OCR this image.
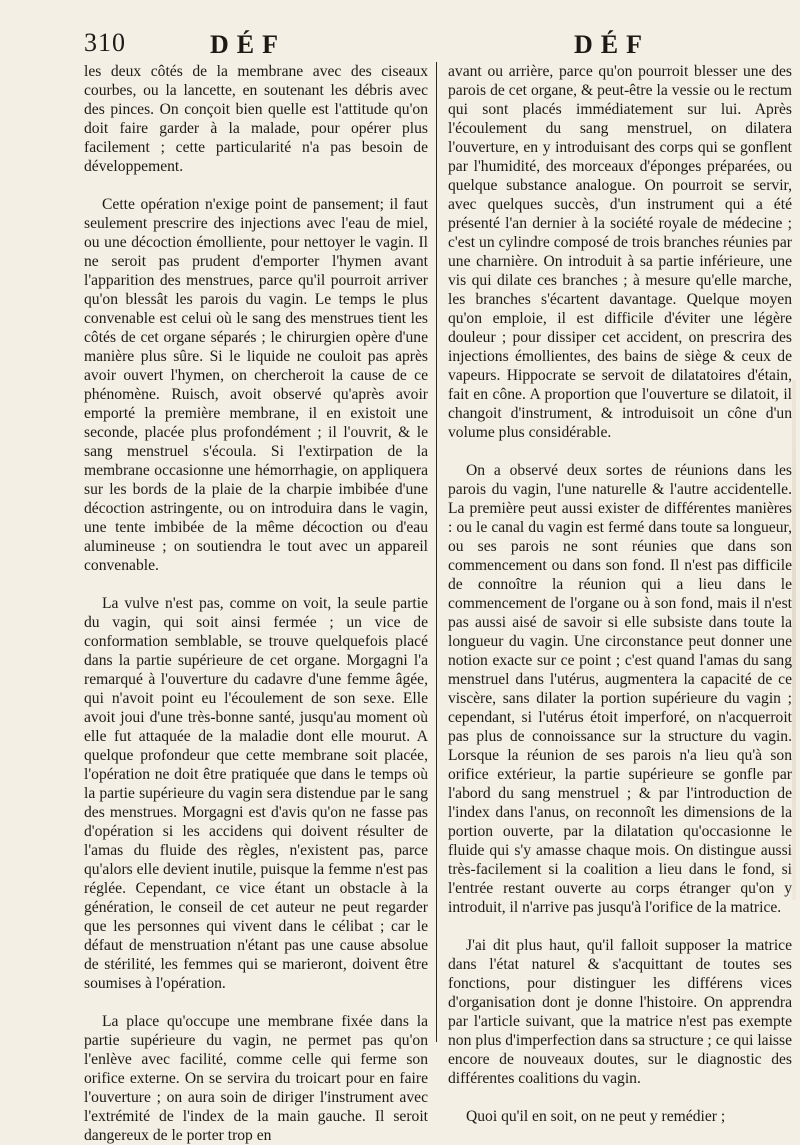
310	DÉF	DÉF

les deux côtés de la membrane avec des ciseaux courbes, ou la lancette, en soutenant les débris avec des pinces. On conçoit bien quelle est l'attitude qu'on doit faire garder à la malade, pour opérer plus facilement ; cette particularité n'a pas besoin de développement.

Cette opération n'exige point de pansement; il faut seulement prescrire des injections avec l'eau de miel, ou une décoction émolliente, pour nettoyer le vagin. Il ne seroit pas prudent d'emporter l'hymen avant l'apparition des menstrues, parce qu'il pourroit arriver qu'on blessât les parois du vagin. Le temps le plus convenable est celui où le sang des menstrues tient les côtés de cet organe séparés ; le chirurgien opère d'une manière plus sûre. Si le liquide ne couloit pas après avoir ouvert l'hymen, on chercheroit la cause de ce phénomène. Ruisch, avoit observé qu'après avoir emporté la première membrane, il en existoit une seconde, placée plus profondément ; il l'ouvrit, & le sang menstruel s'écoula. Si l'extirpation de la membrane occasionne une hémorrhagie, on appliquera sur les bords de la plaie de la charpie imbibée d'une décoction astringente, ou on introduira dans le vagin, une tente imbibée de la même décoction ou d'eau alumineuse ; on soutiendra le tout avec un appareil convenable.

La vulve n'est pas, comme on voit, la seule partie du vagin, qui soit ainsi fermée ; un vice de conformation semblable, se trouve quelquefois placé dans la partie supérieure de cet organe. Morgagni l'a remarqué à l'ouverture du cadavre d'une femme âgée, qui n'avoit point eu l'écoulement de son sexe. Elle avoit joui d'une très-bonne santé, jusqu'au moment où elle fut attaquée de la maladie dont elle mourut. A quelque profondeur que cette membrane soit placée, l'opération ne doit être pratiquée que dans le temps où la partie supérieure du vagin sera distendue par le sang des menstrues. Morgagni est d'avis qu'on ne fasse pas d'opération si les accidens qui doivent résulter de l'amas du fluide des règles, n'existent pas, parce qu'alors elle devient inutile, puisque la femme n'est pas réglée. Cependant, ce vice étant un obstacle à la génération, le conseil de cet auteur ne peut regarder que les personnes qui vivent dans le célibat ; car le défaut de menstruation n'étant pas une cause absolue de stérilité, les femmes qui se marieront, doivent être soumises à l'opération.

La place qu'occupe une membrane fixée dans la partie supérieure du vagin, ne permet pas qu'on l'enlève avec facilité, comme celle qui ferme son orifice externe. On se servira du troicart pour en faire l'ouverture ; on aura soin de diriger l'instrument avec l'extrémité de l'index de la main gauche. Il seroit dangereux de le porter trop en

avant ou arrière, parce qu'on pourroit blesser une des parois de cet organe, & peut-être la vessie ou le rectum qui sont placés immédiatement sur lui. Après l'écoulement du sang menstruel, on dilatera l'ouverture, en y introduisant des corps qui se gonflent par l'humidité, des morceaux d'éponges préparées, ou quelque substance analogue. On pourroit se servir, avec quelques succès, d'un instrument qui a été présenté l'an dernier à la société royale de médecine ; c'est un cylindre composé de trois branches réunies par une charnière. On introduit à sa partie inférieure, une vis qui dilate ces branches ; à mesure qu'elle marche, les branches s'écartent davantage. Quelque moyen qu'on emploie, il est difficile d'éviter une légère douleur ; pour dissiper cet accident, on prescrira des injections émollientes, des bains de siège & ceux de vapeurs. Hippocrate se servoit de dilatatoires d'étain, fait en cône. A proportion que l'ouverture se dilatoit, il changoit d'instrument, & introduisoit un cône d'un volume plus considérable.

On a observé deux sortes de réunions dans les parois du vagin, l'une naturelle & l'autre accidentelle. La première peut aussi exister de différentes manières : ou le canal du vagin est fermé dans toute sa longueur, ou ses parois ne sont réunies que dans son commencement ou dans son fond. Il n'est pas difficile de connoître la réunion qui a lieu dans le commencement de l'organe ou à son fond, mais il n'est pas aussi aisé de savoir si elle subsiste dans toute la longueur du vagin. Une circonstance peut donner une notion exacte sur ce point ; c'est quand l'amas du sang menstruel dans l'utérus, augmentera la capacité de ce viscère, sans dilater la portion supérieure du vagin ; cependant, si l'utérus étoit imperforé, on n'acquerroit pas plus de connoissance sur la structure du vagin. Lorsque la réunion de ses parois n'a lieu qu'à son orifice extérieur, la partie supérieure se gonfle par l'abord du sang menstruel ; & par l'introduction de l'index dans l'anus, on reconnoît les dimensions de la portion ouverte, par la dilatation qu'occasionne le fluide qui s'y amasse chaque mois. On distingue aussi très-facilement si la coalition a lieu dans le fond, si l'entrée restant ouverte au corps étranger qu'on y introduit, il n'arrive pas jusqu'à l'orifice de la matrice.

J'ai dit plus haut, qu'il falloit supposer la matrice dans l'état naturel & s'acquittant de toutes ses fonctions, pour distinguer les différens vices d'organisation dont je donne l'histoire. On apprendra par l'article suivant, que la matrice n'est pas exempte non plus d'imperfection dans sa structure ; ce qui laisse encore de nouveaux doutes, sur le diagnostic des différentes coalitions du vagin.

Quoi qu'il en soit, on ne peut y remédier ;
